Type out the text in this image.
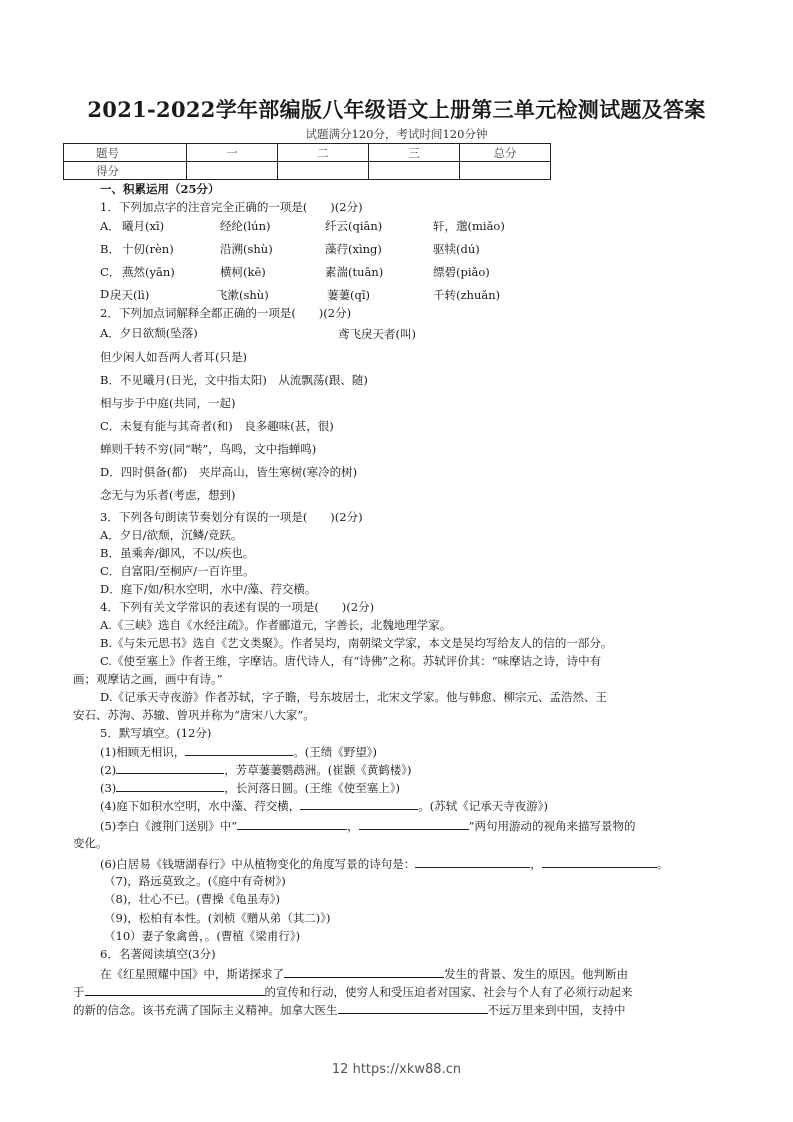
2021-2022学年部编版八年级语文上册第三单元检测试题及答案
试题满分120分，考试时间120分钟
题号	一	二	三	总分
得分				
一、积累运用（25分）
1．下列加点字的注音完全正确的一项是(　　)(2分)
A． 曦月(xī)	经纶(lún)	纤云(qiān)	轩，邈(miǎo)
B． 十仞(rèn)	沿溯(shù)	藻荇(xìng)	驱犊(dú)
C． 燕然(yān)	横柯(kē)	素湍(tuān)	缥碧(piǎo)
D 戾天(lì)	飞漱(shù)	萋萋(qī)	千转(zhuǎn)
2．下列加点词解释全都正确的一项是(　　)(2分)
A．夕日欲颓(坠落)	鸢飞戾天者(叫)
但少闲人如吾两人者耳(只是)
B．不见曦月(日光，文中指太阳)　从流飘荡(跟、随)
相与步于中庭(共同，一起)
C．未复有能与其奇者(和)　良多趣味(甚，很)
蝉则千转不穷(同“啭”，鸟鸣，文中指蝉鸣)
D．四时俱备(都)　夹岸高山，皆生寒树(寒冷的树)
念无与为乐者(考虑，想到)
3．下列各句朗读节奏划分有误的一项是(　　)(2分)
A．夕日/欲颓，沉鳞/竞跃。
B．虽乘奔/御风，不以/疾也。
C．自富阳/至桐庐/一百许里。
D．庭下/如/积水空明，水中/藻、荇交横。
4．下列有关文学常识的表述有误的一项是(　　)(2分)
A.《三峡》选自《水经注疏》。作者郦道元，字善长，北魏地理学家。
B.《与朱元思书》选自《艺文类聚》。作者吴均，南朝梁文学家，本文是吴均写给友人的信的一部分。
C.《使至塞上》作者王维，字摩诘。唐代诗人，有“诗佛”之称。苏轼评价其：“味摩诘之诗，诗中有
画；观摩诘之画，画中有诗。”
D.《记承天寺夜游》作者苏轼，字子瞻，号东坡居士，北宋文学家。他与韩愈、柳宗元、孟浩然、王
安石、苏洵、苏辙、曾巩并称为“唐宋八大家”。
5．默写填空。(12分)
(1)相顾无相识，	。(王绩《野望》)
(2)	，芳草萋萋鹦鹉洲。(崔颢《黄鹤楼》)
(3)	，长河落日圆。(王维《使至塞上》)
(4)庭下如积水空明，水中藻、荇交横，	。(苏轼《记承天寺夜游》)
(5)李白《渡荆门送别》中“	，	”两句用游动的视角来描写景物的
变化。
(6)白居易《钱塘湖春行》中从植物变化的角度写景的诗句是：	，	。
（7)，路远莫致之。(《庭中有奇树》)
（8)，壮心不已。(曹操《龟虽寿》)
（9)，松柏有本性。(刘桢《赠从弟（其二)》)
（10）妻子象禽兽，。(曹植《梁甫行》)
6．名著阅读填空(3分)
在《红星照耀中国》中，斯诺探求了	发生的背景、发生的原因。他判断由
于	的宣传和行动，使穷人和受压迫者对国家、社会与个人有了必须行动起来
的新的信念。该书充满了国际主义精神。加拿大医生	不远万里来到中国，支持中
12 https://xkw88.cn
